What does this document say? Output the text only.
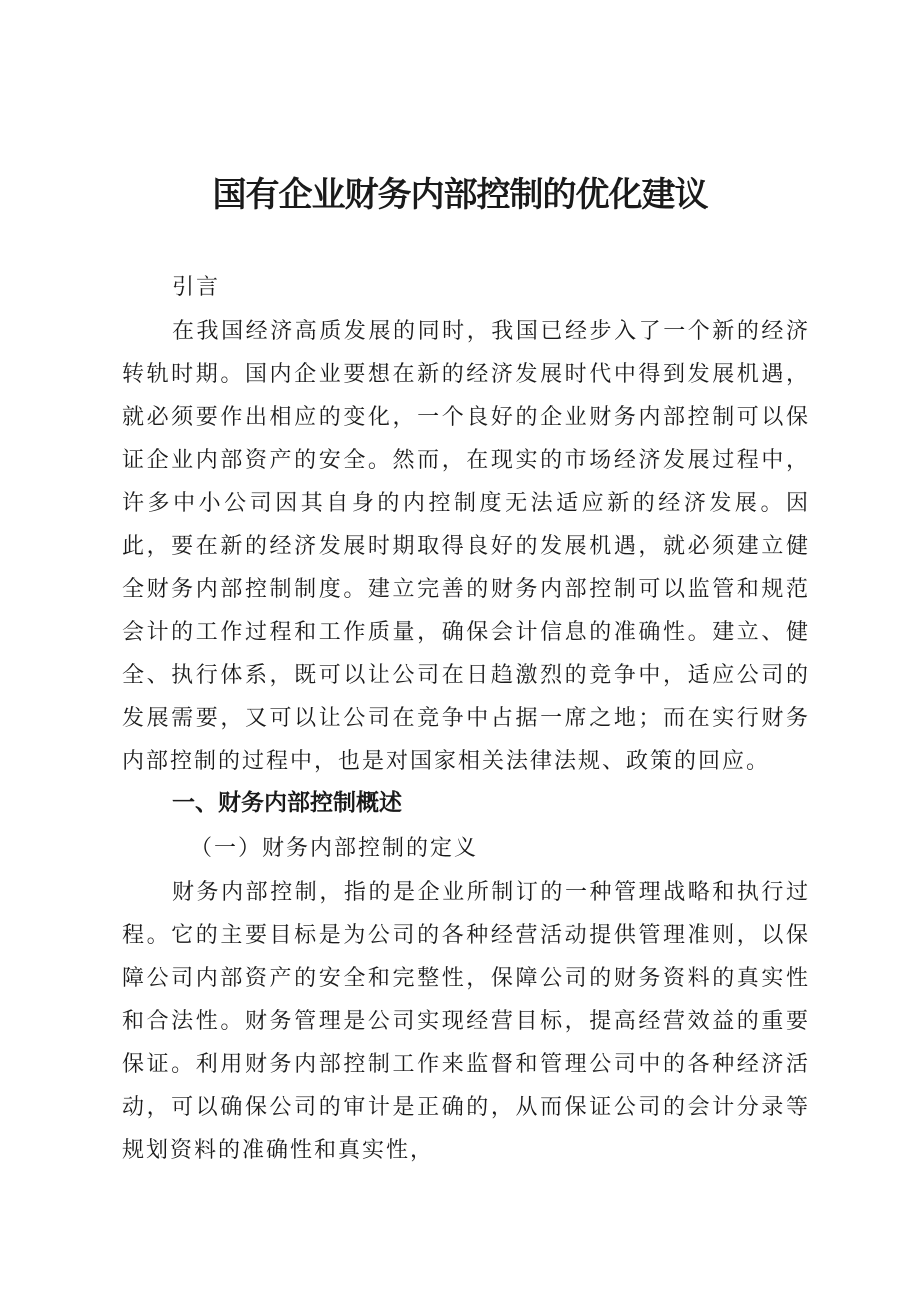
国有企业财务内部控制的优化建议

引言

在我国经济高质发展的同时，我国已经步入了一个新的经济转轨时期。国内企业要想在新的经济发展时代中得到发展机遇，就必须要作出相应的变化，一个良好的企业财务内部控制可以保证企业内部资产的安全。然而，在现实的市场经济发展过程中，许多中小公司因其自身的内控制度无法适应新的经济发展。因此，要在新的经济发展时期取得良好的发展机遇，就必须建立健全财务内部控制制度。建立完善的财务内部控制可以监管和规范会计的工作过程和工作质量，确保会计信息的准确性。建立、健全、执行体系，既可以让公司在日趋激烈的竞争中，适应公司的发展需要，又可以让公司在竞争中占据一席之地；而在实行财务内部控制的过程中，也是对国家相关法律法规、政策的回应。

一、财务内部控制概述
（一）财务内部控制的定义

财务内部控制，指的是企业所制订的一种管理战略和执行过程。它的主要目标是为公司的各种经营活动提供管理准则，以保障公司内部资产的安全和完整性，保障公司的财务资料的真实性和合法性。财务管理是公司实现经营目标，提高经营效益的重要保证。利用财务内部控制工作来监督和管理公司中的各种经济活动，可以确保公司的审计是正确的，从而保证公司的会计分录等规划资料的准确性和真实性，
